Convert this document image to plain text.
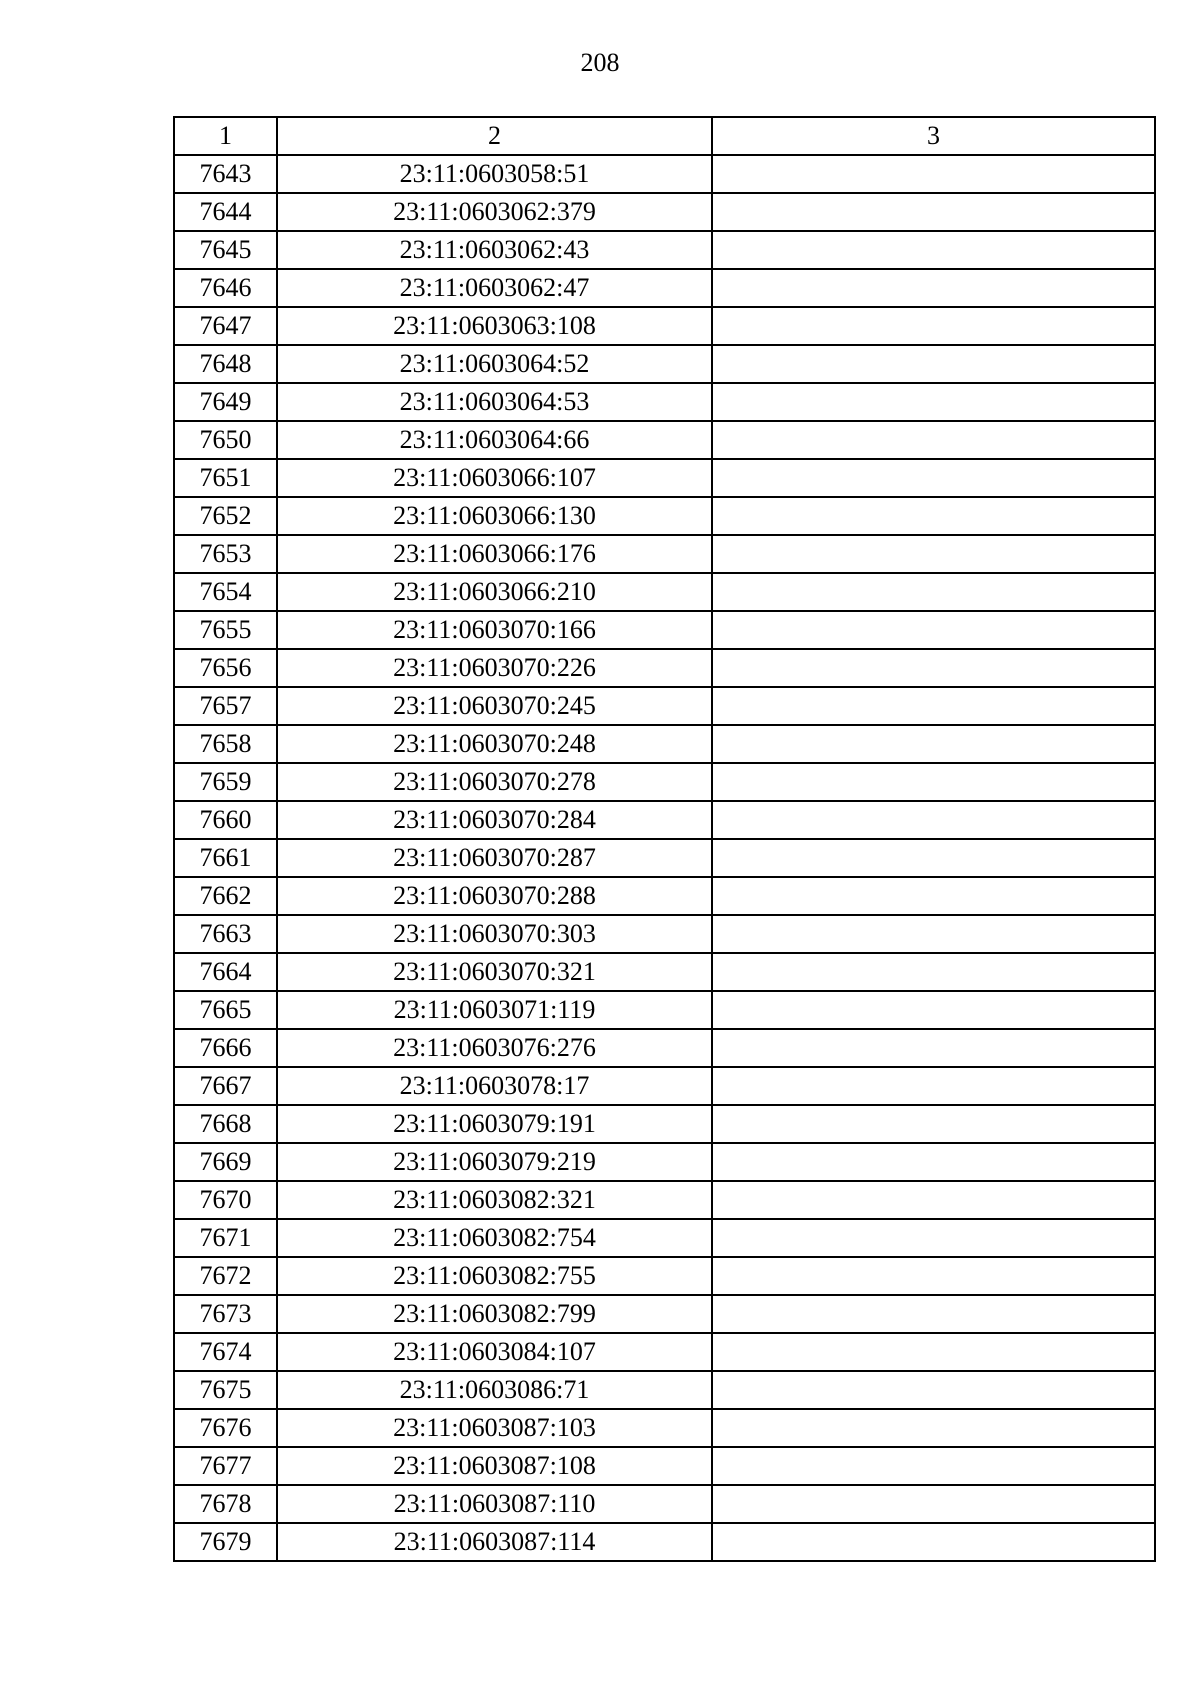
208
1	2	3
7643	23:11:0603058:51	
7644	23:11:0603062:379	
7645	23:11:0603062:43	
7646	23:11:0603062:47	
7647	23:11:0603063:108	
7648	23:11:0603064:52	
7649	23:11:0603064:53	
7650	23:11:0603064:66	
7651	23:11:0603066:107	
7652	23:11:0603066:130	
7653	23:11:0603066:176	
7654	23:11:0603066:210	
7655	23:11:0603070:166	
7656	23:11:0603070:226	
7657	23:11:0603070:245	
7658	23:11:0603070:248	
7659	23:11:0603070:278	
7660	23:11:0603070:284	
7661	23:11:0603070:287	
7662	23:11:0603070:288	
7663	23:11:0603070:303	
7664	23:11:0603070:321	
7665	23:11:0603071:119	
7666	23:11:0603076:276	
7667	23:11:0603078:17	
7668	23:11:0603079:191	
7669	23:11:0603079:219	
7670	23:11:0603082:321	
7671	23:11:0603082:754	
7672	23:11:0603082:755	
7673	23:11:0603082:799	
7674	23:11:0603084:107	
7675	23:11:0603086:71	
7676	23:11:0603087:103	
7677	23:11:0603087:108	
7678	23:11:0603087:110	
7679	23:11:0603087:114	
